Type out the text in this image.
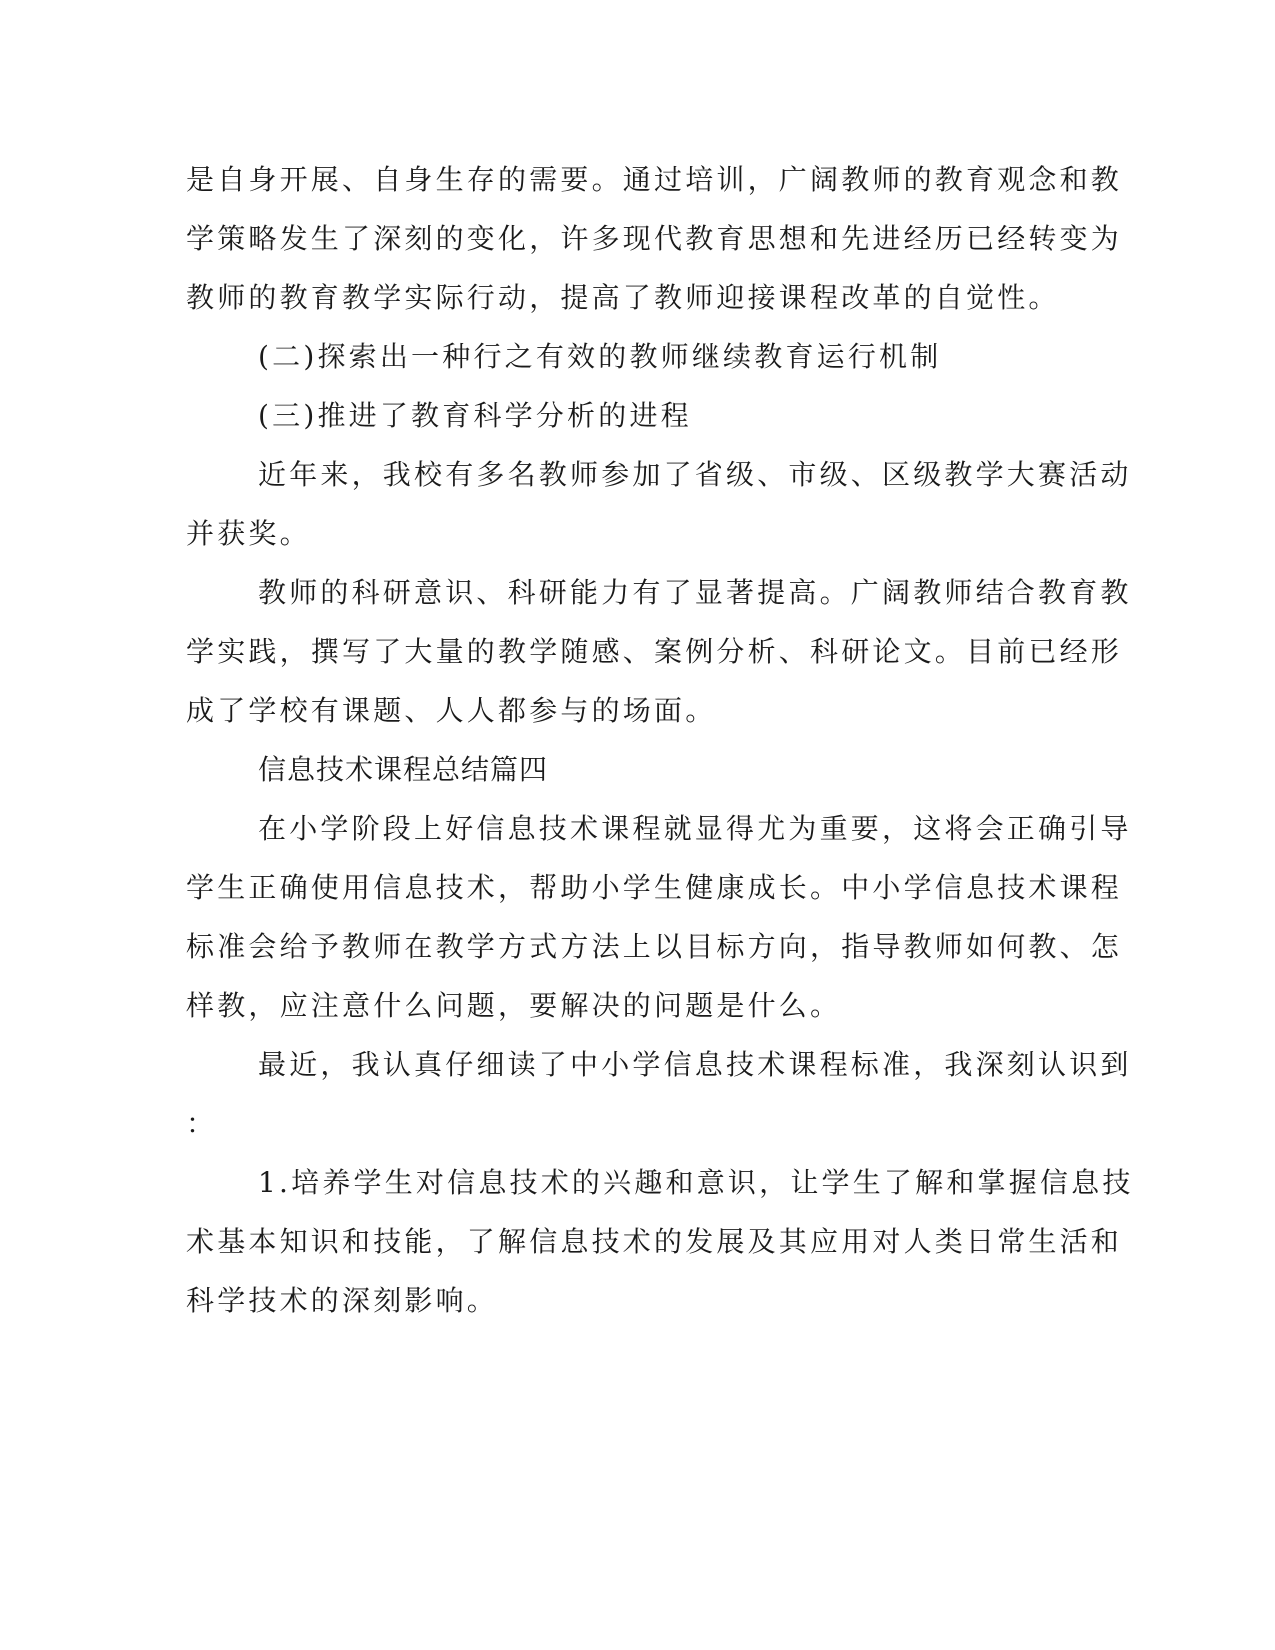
是自身开展、自身生存的需要。通过培训，广阔教师的教育观念和教
学策略发生了深刻的变化，许多现代教育思想和先进经历已经转变为
教师的教育教学实际行动，提高了教师迎接课程改革的自觉性。
(二)探索出一种行之有效的教师继续教育运行机制
(三)推进了教育科学分析的进程
近年来，我校有多名教师参加了省级、市级、区级教学大赛活动
并获奖。
教师的科研意识、科研能力有了显著提高。广阔教师结合教育教
学实践，撰写了大量的教学随感、案例分析、科研论文。目前已经形
成了学校有课题、人人都参与的场面。
信息技术课程总结篇四
在小学阶段上好信息技术课程就显得尤为重要，这将会正确引导
学生正确使用信息技术，帮助小学生健康成长。中小学信息技术课程
标准会给予教师在教学方式方法上以目标方向，指导教师如何教、怎
样教，应注意什么问题，要解决的问题是什么。
最近，我认真仔细读了中小学信息技术课程标准，我深刻认识到
：
1.培养学生对信息技术的兴趣和意识，让学生了解和掌握信息技
术基本知识和技能，了解信息技术的发展及其应用对人类日常生活和
科学技术的深刻影响。
